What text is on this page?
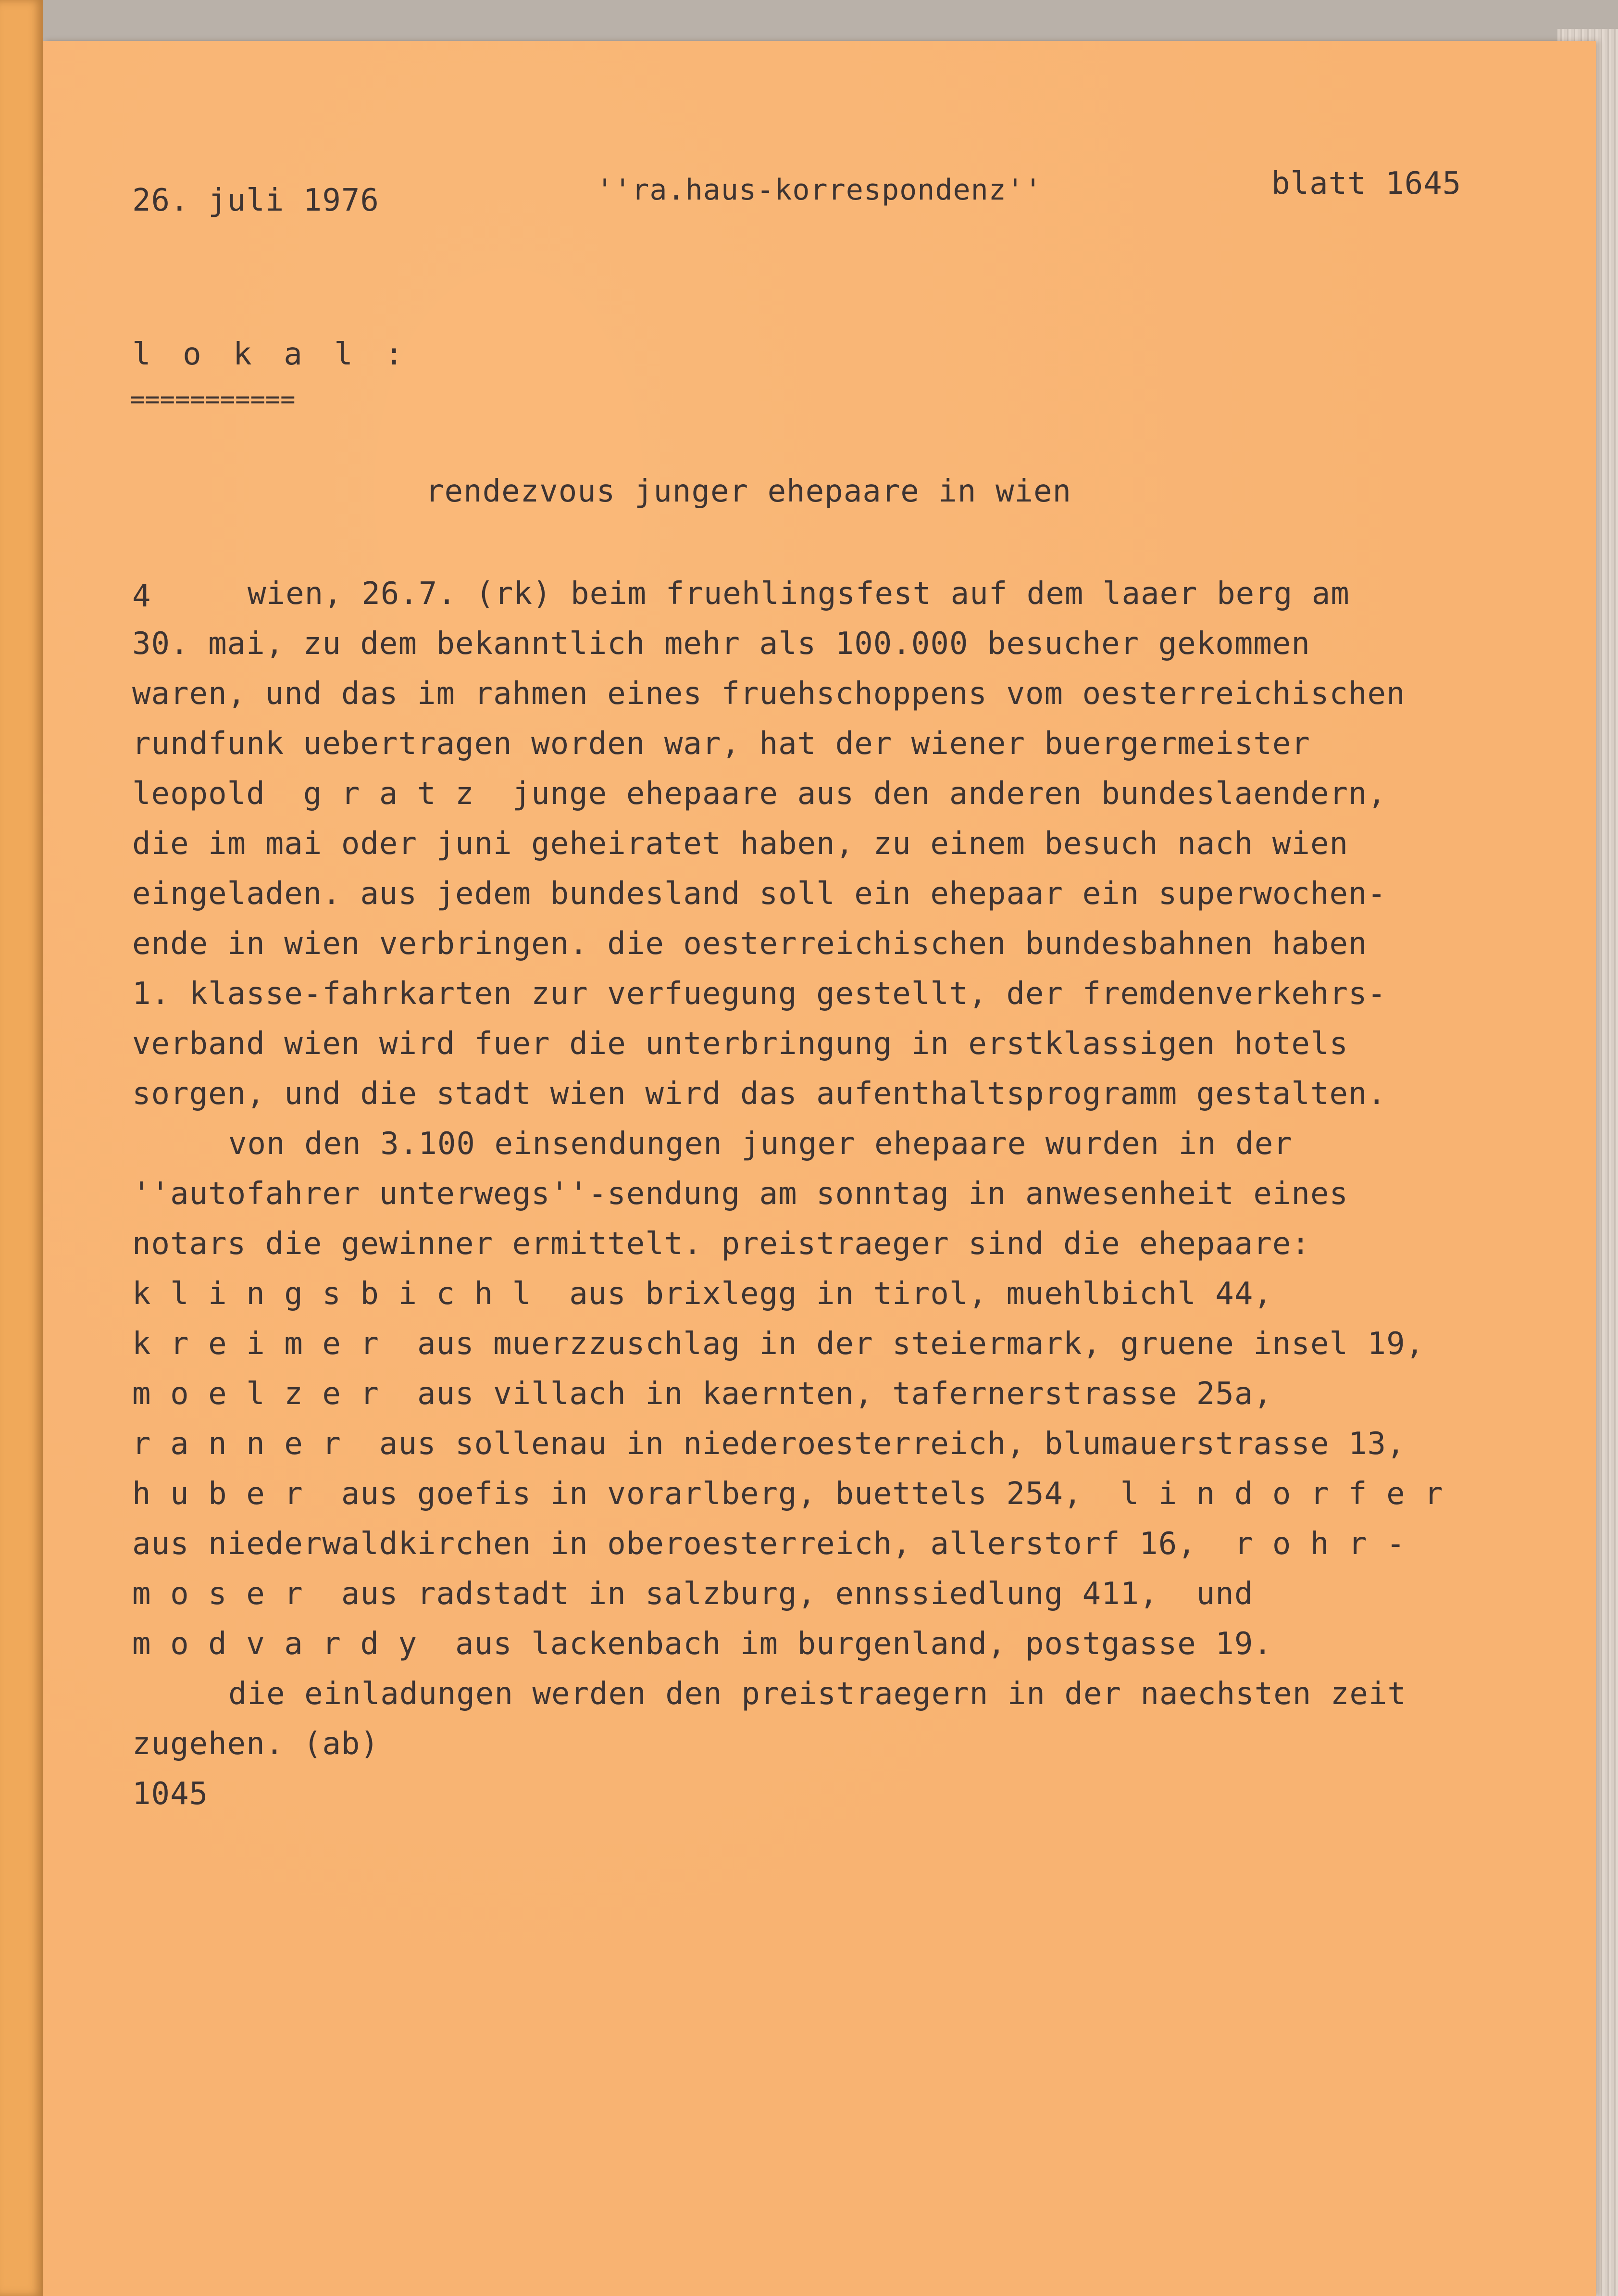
26. juli 1976	''ra.haus-korrespondenz''	blatt 1645

l o k a l :

===========

rendezvous junger ehepaare in wien

4	wien, 26.7. (rk) beim fruehlingsfest auf dem laaer berg am

30. mai, zu dem bekanntlich mehr als 100.000 besucher gekommen

waren, und das im rahmen eines fruehschoppens vom oesterreichischen

rundfunk uebertragen worden war, hat der wiener buergermeister

leopold  g r a t z  junge ehepaare aus den anderen bundeslaendern,

die im mai oder juni geheiratet haben, zu einem besuch nach wien

eingeladen. aus jedem bundesland soll ein ehepaar ein superwochen-

ende in wien verbringen. die oesterreichischen bundesbahnen haben

1. klasse-fahrkarten zur verfuegung gestellt, der fremdenverkehrs-

verband wien wird fuer die unterbringung in erstklassigen hotels

sorgen, und die stadt wien wird das aufenthaltsprogramm gestalten.

von den 3.100 einsendungen junger ehepaare wurden in der

''autofahrer unterwegs''-sendung am sonntag in anwesenheit eines

notars die gewinner ermittelt. preistraeger sind die ehepaare:

k l i n g s b i c h l  aus brixlegg in tirol, muehlbichl 44,

k r e i m e r  aus muerzzuschlag in der steiermark, gruene insel 19,

m o e l z e r  aus villach in kaernten, tafernerstrasse 25a,

r a n n e r  aus sollenau in niederoesterreich, blumauerstrasse 13,

h u b e r  aus goefis in vorarlberg, buettels 254,  l i n d o r f e r

aus niederwaldkirchen in oberoesterreich, allerstorf 16,  r o h r -

m o s e r  aus radstadt in salzburg, ennssiedlung 411,  und

m o d v a r d y  aus lackenbach im burgenland, postgasse 19.

die einladungen werden den preistraegern in der naechsten zeit

zugehen. (ab)

1045
